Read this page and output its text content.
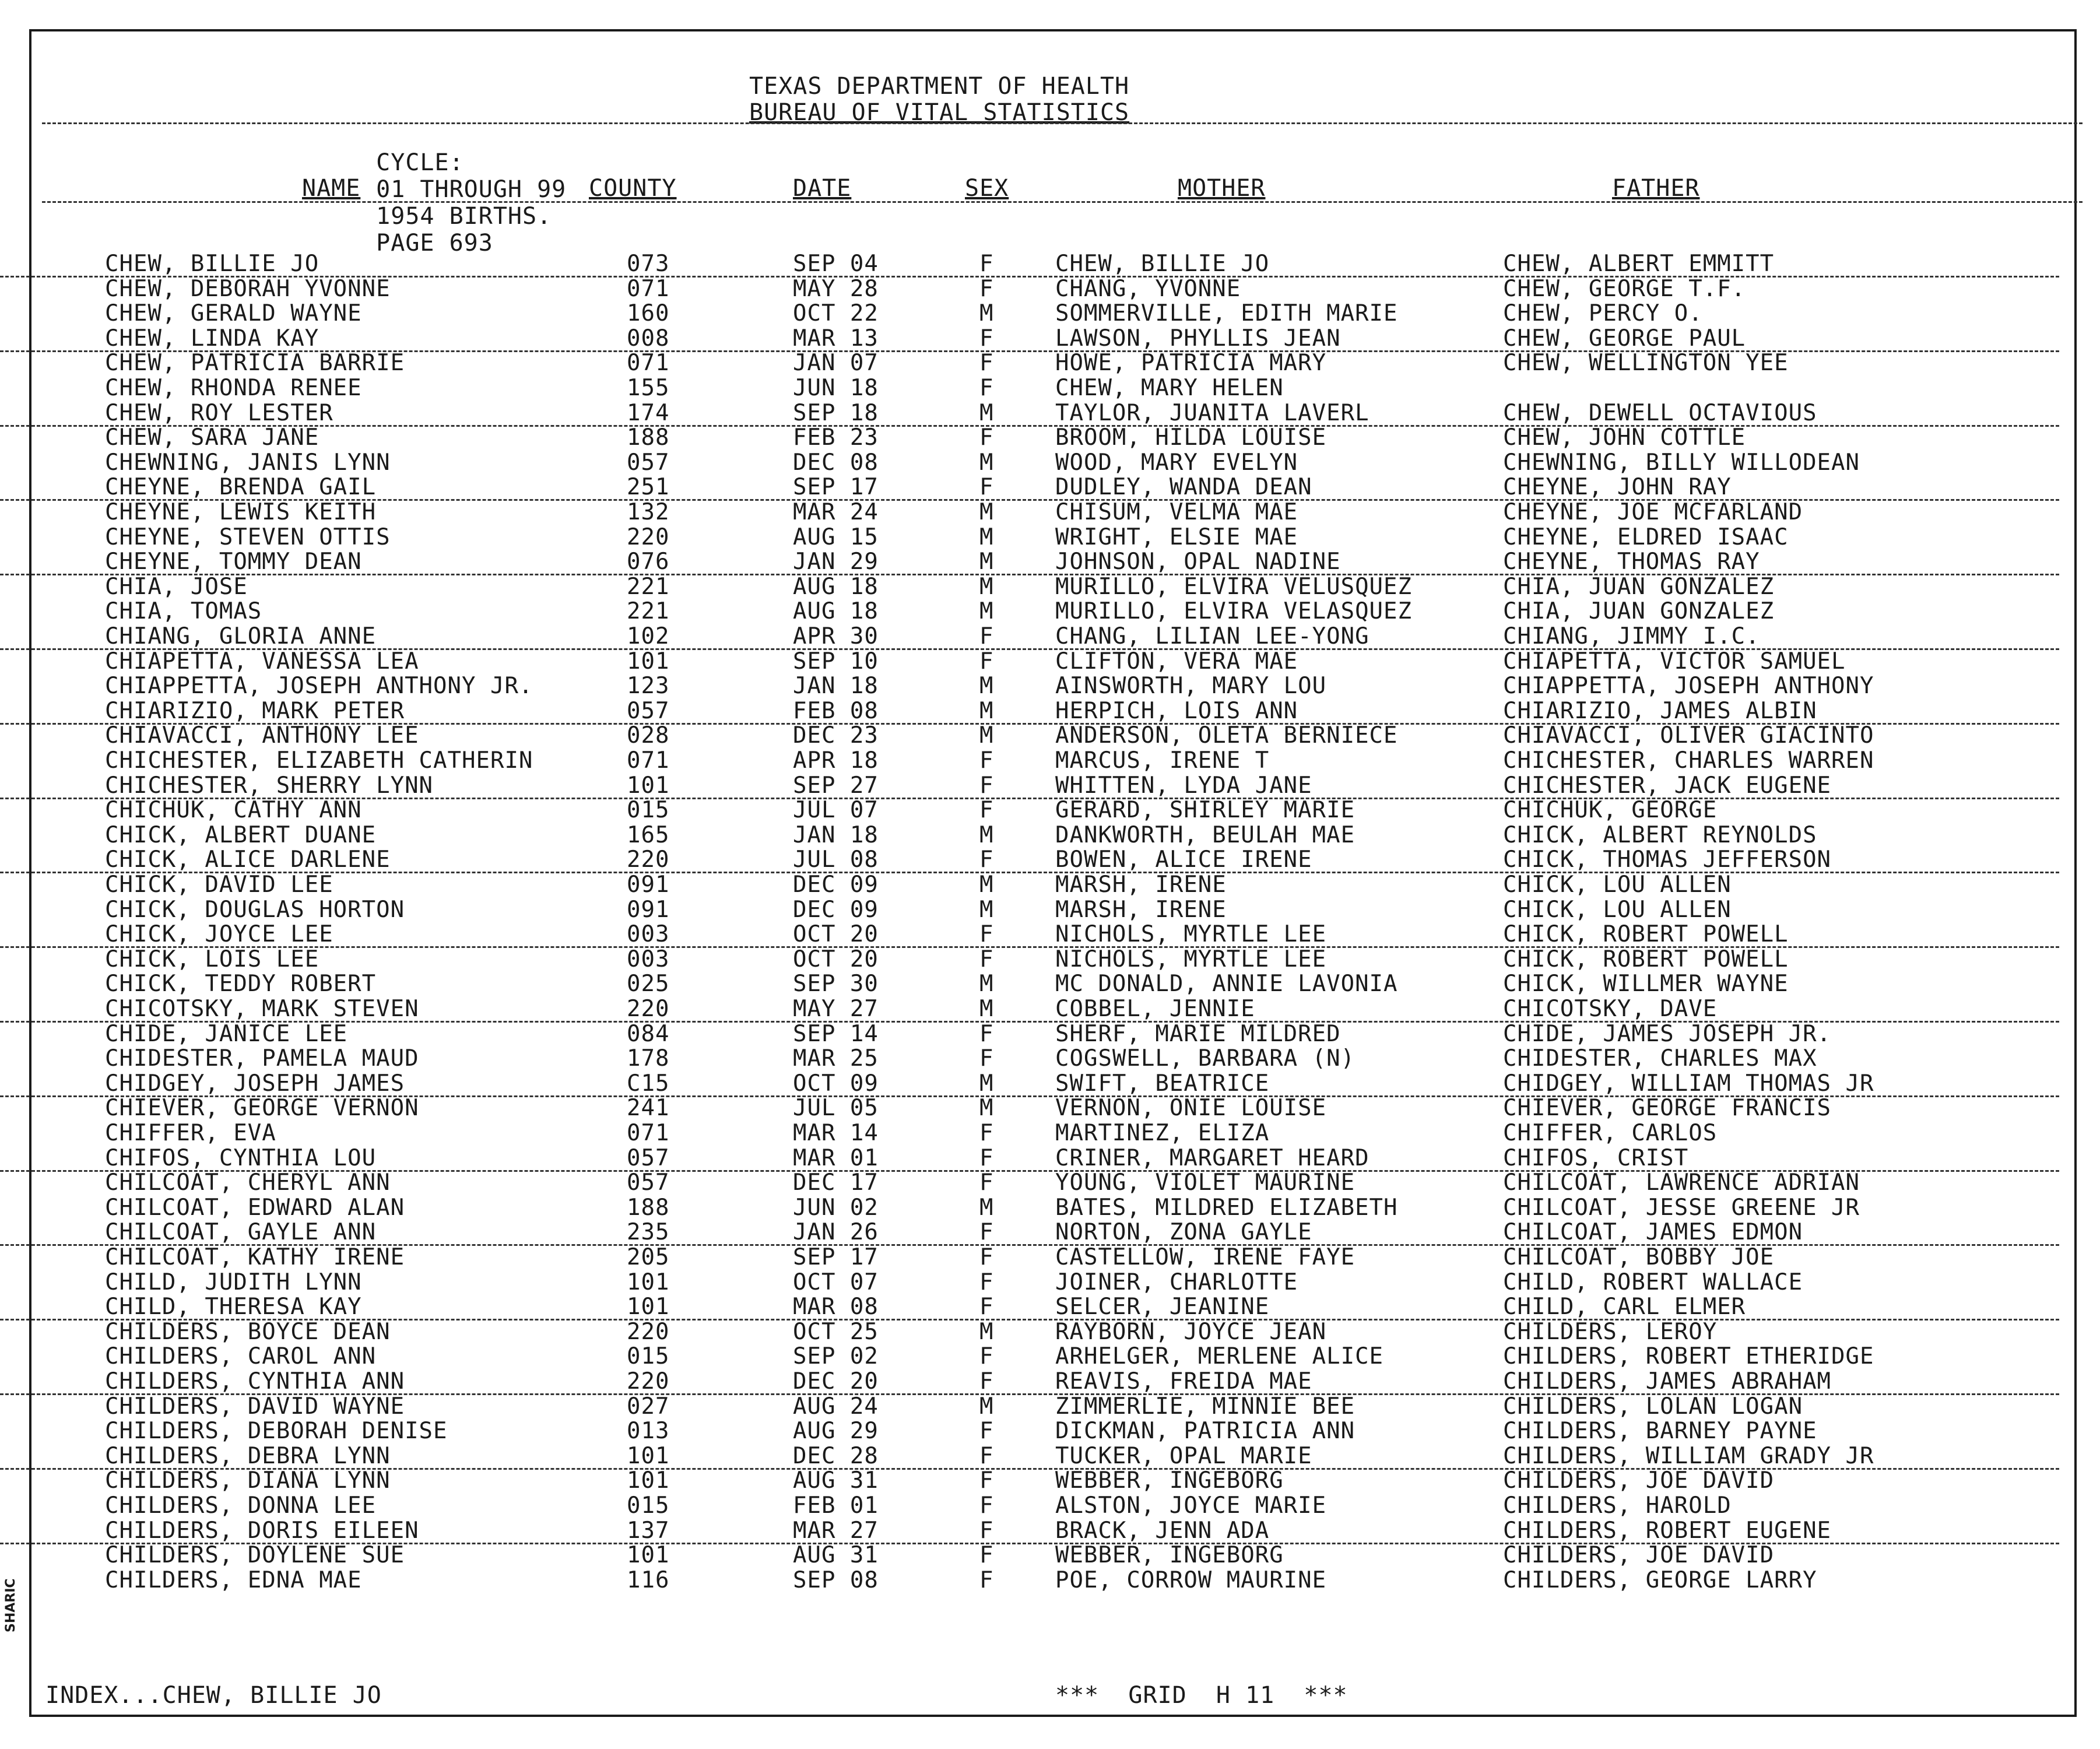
TEXAS DEPARTMENT OF HEALTH
BUREAU OF VITAL STATISTICS

CYCLE:
01 THROUGH 99
1954 BIRTHS.
PAGE 693

NAME	COUNTY	DATE	SEX	MOTHER	FATHER
CHEW, BILLIE JO	073	SEP 04	F	CHEW, BILLIE JO	CHEW, ALBERT EMMITT
CHEW, DEBORAH YVONNE	071	MAY 28	F	CHANG, YVONNE	CHEW, GEORGE T.F.
CHEW, GERALD WAYNE	160	OCT 22	M	SOMMERVILLE, EDITH MARIE	CHEW, PERCY O.
CHEW, LINDA KAY	008	MAR 13	F	LAWSON, PHYLLIS JEAN	CHEW, GEORGE PAUL
CHEW, PATRICIA BARRIE	071	JAN 07	F	HOWE, PATRICIA MARY	CHEW, WELLINGTON YEE
CHEW, RHONDA RENEE	155	JUN 18	F	CHEW, MARY HELEN
CHEW, ROY LESTER	174	SEP 18	M	TAYLOR, JUANITA LAVERL	CHEW, DEWELL OCTAVIOUS
CHEW, SARA JANE	188	FEB 23	F	BROOM, HILDA LOUISE	CHEW, JOHN COTTLE
CHEWNING, JANIS LYNN	057	DEC 08	M	WOOD, MARY EVELYN	CHEWNING, BILLY WILLODEAN
CHEYNE, BRENDA GAIL	251	SEP 17	F	DUDLEY, WANDA DEAN	CHEYNE, JOHN RAY
CHEYNE, LEWIS KEITH	132	MAR 24	M	CHISUM, VELMA MAE	CHEYNE, JOE MCFARLAND
CHEYNE, STEVEN OTTIS	220	AUG 15	M	WRIGHT, ELSIE MAE	CHEYNE, ELDRED ISAAC
CHEYNE, TOMMY DEAN	076	JAN 29	M	JOHNSON, OPAL NADINE	CHEYNE, THOMAS RAY
CHIA, JOSE	221	AUG 18	M	MURILLO, ELVIRA VELUSQUEZ	CHIA, JUAN GONZALEZ
CHIA, TOMAS	221	AUG 18	M	MURILLO, ELVIRA VELASQUEZ	CHIA, JUAN GONZALEZ
CHIANG, GLORIA ANNE	102	APR 30	F	CHANG, LILIAN LEE-YONG	CHIANG, JIMMY I.C.
CHIAPETTA, VANESSA LEA	101	SEP 10	F	CLIFTON, VERA MAE	CHIAPETTA, VICTOR SAMUEL
CHIAPPETTA, JOSEPH ANTHONY JR.	123	JAN 18	M	AINSWORTH, MARY LOU	CHIAPPETTA, JOSEPH ANTHONY
CHIARIZIO, MARK PETER	057	FEB 08	M	HERPICH, LOIS ANN	CHIARIZIO, JAMES ALBIN
CHIAVACCI, ANTHONY LEE	028	DEC 23	M	ANDERSON, OLETA BERNIECE	CHIAVACCI, OLIVER GIACINTO
CHICHESTER, ELIZABETH CATHERIN	071	APR 18	F	MARCUS, IRENE T	CHICHESTER, CHARLES WARREN
CHICHESTER, SHERRY LYNN	101	SEP 27	F	WHITTEN, LYDA JANE	CHICHESTER, JACK EUGENE
CHICHUK, CATHY ANN	015	JUL 07	F	GERARD, SHIRLEY MARIE	CHICHUK, GEORGE
CHICK, ALBERT DUANE	165	JAN 18	M	DANKWORTH, BEULAH MAE	CHICK, ALBERT REYNOLDS
CHICK, ALICE DARLENE	220	JUL 08	F	BOWEN, ALICE IRENE	CHICK, THOMAS JEFFERSON
CHICK, DAVID LEE	091	DEC 09	M	MARSH, IRENE	CHICK, LOU ALLEN
CHICK, DOUGLAS HORTON	091	DEC 09	M	MARSH, IRENE	CHICK, LOU ALLEN
CHICK, JOYCE LEE	003	OCT 20	F	NICHOLS, MYRTLE LEE	CHICK, ROBERT POWELL
CHICK, LOIS LEE	003	OCT 20	F	NICHOLS, MYRTLE LEE	CHICK, ROBERT POWELL
CHICK, TEDDY ROBERT	025	SEP 30	M	MC DONALD, ANNIE LAVONIA	CHICK, WILLMER WAYNE
CHICOTSKY, MARK STEVEN	220	MAY 27	M	COBBEL, JENNIE	CHICOTSKY, DAVE
CHIDE, JANICE LEE	084	SEP 14	F	SHERF, MARIE MILDRED	CHIDE, JAMES JOSEPH JR.
CHIDESTER, PAMELA MAUD	178	MAR 25	F	COGSWELL, BARBARA (N)	CHIDESTER, CHARLES MAX
CHIDGEY, JOSEPH JAMES	C15	OCT 09	M	SWIFT, BEATRICE	CHIDGEY, WILLIAM THOMAS JR
CHIEVER, GEORGE VERNON	241	JUL 05	M	VERNON, ONIE LOUISE	CHIEVER, GEORGE FRANCIS
CHIFFER, EVA	071	MAR 14	F	MARTINEZ, ELIZA	CHIFFER, CARLOS
CHIFOS, CYNTHIA LOU	057	MAR 01	F	CRINER, MARGARET HEARD	CHIFOS, CRIST
CHILCOAT, CHERYL ANN	057	DEC 17	F	YOUNG, VIOLET MAURINE	CHILCOAT, LAWRENCE ADRIAN
CHILCOAT, EDWARD ALAN	188	JUN 02	M	BATES, MILDRED ELIZABETH	CHILCOAT, JESSE GREENE JR
CHILCOAT, GAYLE ANN	235	JAN 26	F	NORTON, ZONA GAYLE	CHILCOAT, JAMES EDMON
CHILCOAT, KATHY IRENE	205	SEP 17	F	CASTELLOW, IRENE FAYE	CHILCOAT, BOBBY JOE
CHILD, JUDITH LYNN	101	OCT 07	F	JOINER, CHARLOTTE	CHILD, ROBERT WALLACE
CHILD, THERESA KAY	101	MAR 08	F	SELCER, JEANINE	CHILD, CARL ELMER
CHILDERS, BOYCE DEAN	220	OCT 25	M	RAYBORN, JOYCE JEAN	CHILDERS, LEROY
CHILDERS, CAROL ANN	015	SEP 02	F	ARHELGER, MERLENE ALICE	CHILDERS, ROBERT ETHERIDGE
CHILDERS, CYNTHIA ANN	220	DEC 20	F	REAVIS, FREIDA MAE	CHILDERS, JAMES ABRAHAM
CHILDERS, DAVID WAYNE	027	AUG 24	M	ZIMMERLIE, MINNIE BEE	CHILDERS, LOLAN LOGAN
CHILDERS, DEBORAH DENISE	013	AUG 29	F	DICKMAN, PATRICIA ANN	CHILDERS, BARNEY PAYNE
CHILDERS, DEBRA LYNN	101	DEC 28	F	TUCKER, OPAL MARIE	CHILDERS, WILLIAM GRADY JR
CHILDERS, DIANA LYNN	101	AUG 31	F	WEBBER, INGEBORG	CHILDERS, JOE DAVID
CHILDERS, DONNA LEE	015	FEB 01	F	ALSTON, JOYCE MARIE	CHILDERS, HAROLD
CHILDERS, DORIS EILEEN	137	MAR 27	F	BRACK, JENN ADA	CHILDERS, ROBERT EUGENE
CHILDERS, DOYLENE SUE	101	AUG 31	F	WEBBER, INGEBORG	CHILDERS, JOE DAVID
CHILDERS, EDNA MAE	116	SEP 08	F	POE, CORROW MAURINE	CHILDERS, GEORGE LARRY
INDEX...CHEW, BILLIE JO	***  GRID  H 11  ***
SHARIC
